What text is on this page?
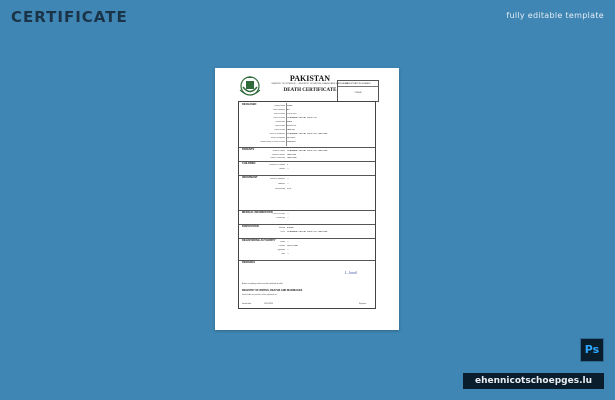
CERTIFICATE	fully editable template
PAKISTAN
MINISTRY OF INTERIOR — REGISTRY OF BIRTHS, DEATHS AND MARRIAGES
DEATH CERTIFICATE
REGISTRATION NUMBER
176490
DECEASED	Family Name KHAN
Given Name(s) ALI
Date of Death 12/07/2023
Place of Death ISLAMABAD CAPITAL TERRITORY
Gender/Sex MALE
Date of Birth 03/02/1951
Place of Birth LAHORE
Place of Residence ISLAMABAD CAPITAL TERRITORY, PAKISTAN
Usual Occupation RETIRED
Marital Status at Time of Death MARRIED
PARENTS	Name of Father ISLAMABAD CAPITAL TERRITORY, PAKISTAN
Name of Mother PAKISTAN
Father Citizenship PAKISTANI
CHILDREN	Number of Children 3
Names —
INFORMANT	Name of Informant —
Address —
Relationship SON
MEDICAL INFORMATION Cause of Death —
Certified by —
DISPOSITION	Method BURIAL
Place ISLAMABAD CAPITAL TERRITORY, PAKISTAN
REGISTERING AUTHORITY	Name —
Position REGISTRAR
Signature —
Date —
REMARKS
L.Jamil
Before accepting, make sure this certificate is valid.
REGISTRY OF BIRTHS, DEATHS AND MARRIAGES
Issued under the provisions of the registration act.
Issued date	19/07/2023	Registrar
Ps
ehennicotschoepges.lu
